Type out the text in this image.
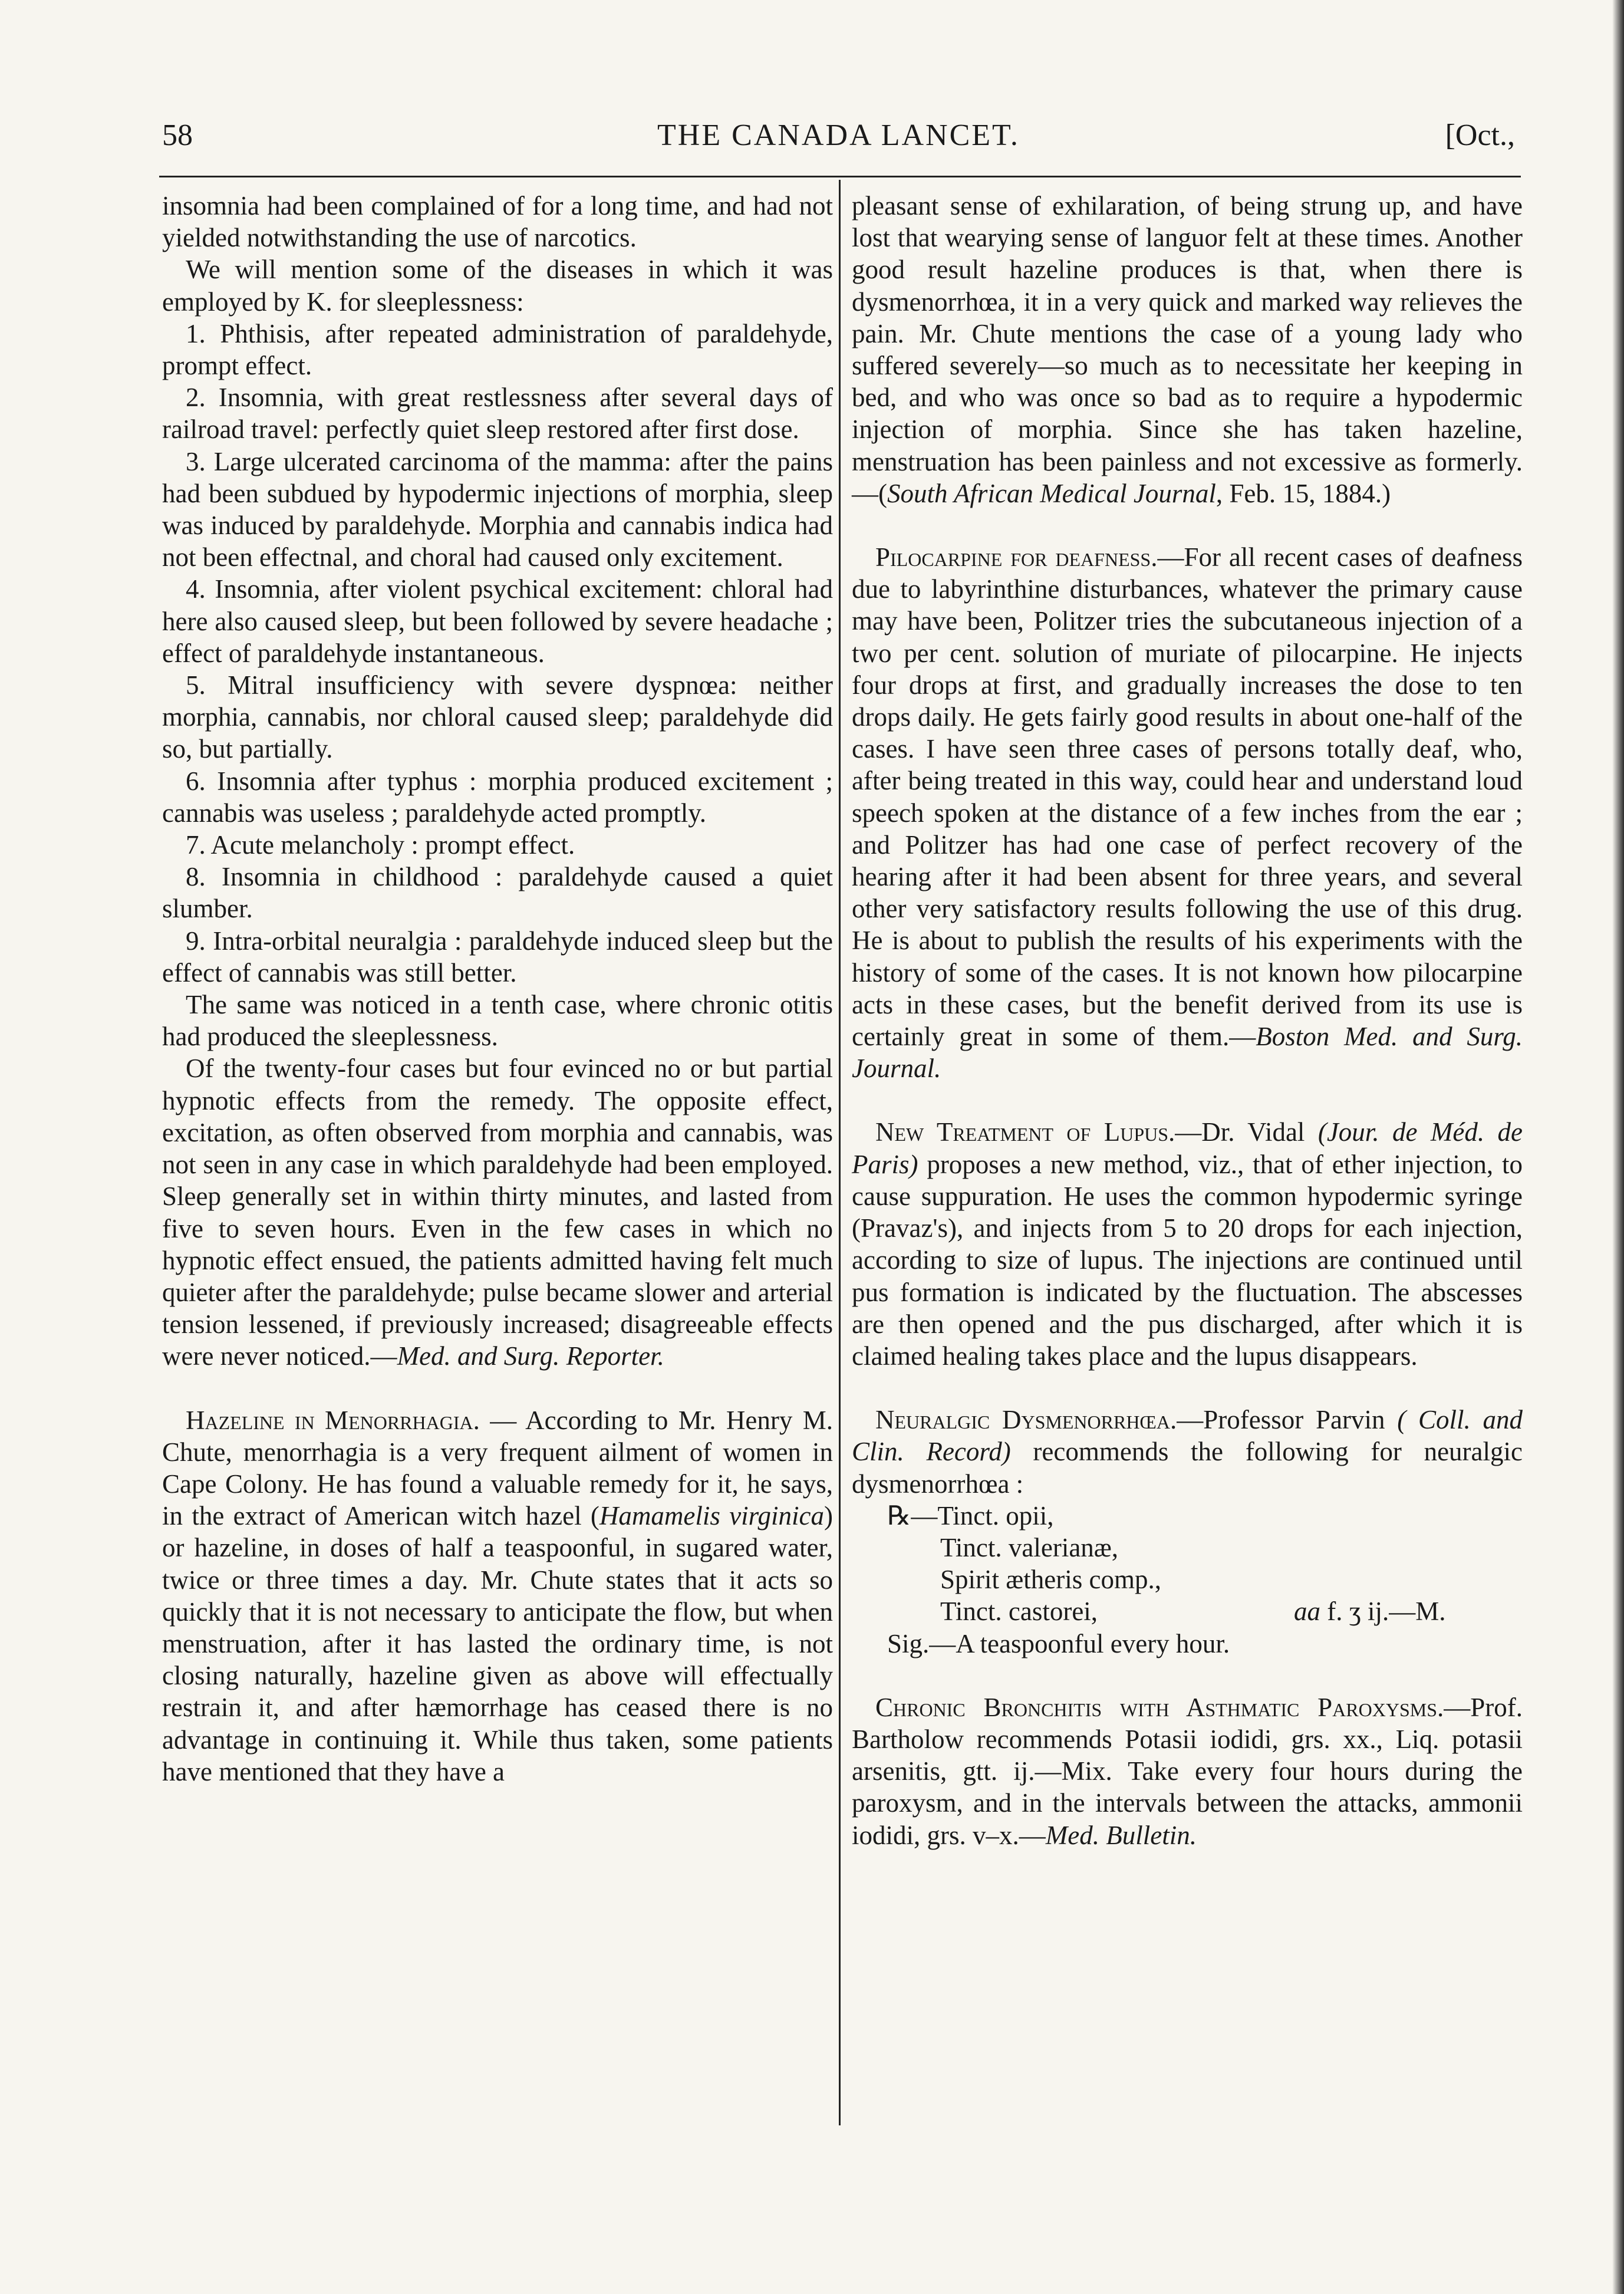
58	THE CANADA LANCET.	[Oct.,

insomnia had been complained of for a long time, and had not yielded notwithstanding the use of narcotics.

We will mention some of the diseases in which it was employed by K. for sleeplessness:

1. Phthisis, after repeated administration of paraldehyde, prompt effect.

2. Insomnia, with great restlessness after several days of railroad travel: perfectly quiet sleep restored after first dose.

3. Large ulcerated carcinoma of the mamma: after the pains had been subdued by hypodermic injections of morphia, sleep was induced by paraldehyde. Morphia and cannabis indica had not been effectnal, and choral had caused only excitement.

4. Insomnia, after violent psychical excitement: chloral had here also caused sleep, but been followed by severe headache ; effect of paraldehyde instantaneous.

5. Mitral insufficiency with severe dyspnœa: neither morphia, cannabis, nor chloral caused sleep; paraldehyde did so, but partially.

6. Insomnia after typhus : morphia produced excitement ; cannabis was useless ; paraldehyde acted promptly.

7. Acute melancholy : prompt effect.

8. Insomnia in childhood : paraldehyde caused a quiet slumber.

9. Intra-orbital neuralgia : paraldehyde induced sleep but the effect of cannabis was still better.

The same was noticed in a tenth case, where chronic otitis had produced the sleeplessness.

Of the twenty-four cases but four evinced no or but partial hypnotic effects from the remedy. The opposite effect, excitation, as often observed from morphia and cannabis, was not seen in any case in which paraldehyde had been employed. Sleep generally set in within thirty minutes, and lasted from five to seven hours. Even in the few cases in which no hypnotic effect ensued, the patients admitted having felt much quieter after the paraldehyde; pulse became slower and arterial tension lessened, if previously increased; disagreeable effects were never noticed.—Med. and Surg. Reporter.

Hazeline in Menorrhagia. — According to Mr. Henry M. Chute, menorrhagia is a very frequent ailment of women in Cape Colony. He has found a valuable remedy for it, he says, in the extract of American witch hazel (Hamamelis virginica) or hazeline, in doses of half a teaspoonful, in sugared water, twice or three times a day. Mr. Chute states that it acts so quickly that it is not necessary to anticipate the flow, but when menstruation, after it has lasted the ordinary time, is not closing naturally, hazeline given as above will effectually restrain it, and after hæmorrhage has ceased there is no advantage in continuing it. While thus taken, some patients have mentioned that they have a

pleasant sense of exhilaration, of being strung up, and have lost that wearying sense of languor felt at these times. Another good result hazeline produces is that, when there is dysmenorrhœa, it in a very quick and marked way relieves the pain. Mr. Chute mentions the case of a young lady who suffered severely—so much as to necessitate her keeping in bed, and who was once so bad as to require a hypodermic injection of morphia. Since she has taken hazeline, menstruation has been painless and not excessive as formerly.—(South African Medical Journal, Feb. 15, 1884.)

Pilocarpine for deafness.—For all recent cases of deafness due to labyrinthine disturbances, whatever the primary cause may have been, Politzer tries the subcutaneous injection of a two per cent. solution of muriate of pilocarpine. He injects four drops at first, and gradually increases the dose to ten drops daily. He gets fairly good results in about one-half of the cases. I have seen three cases of persons totally deaf, who, after being treated in this way, could hear and understand loud speech spoken at the distance of a few inches from the ear ; and Politzer has had one case of perfect recovery of the hearing after it had been absent for three years, and several other very satisfactory results following the use of this drug. He is about to publish the results of his experiments with the history of some of the cases. It is not known how pilocarpine acts in these cases, but the benefit derived from its use is certainly great in some of them.—Boston Med. and Surg. Journal.

New Treatment of Lupus.—Dr. Vidal (Jour. de Méd. de Paris) proposes a new method, viz., that of ether injection, to cause suppuration. He uses the common hypodermic syringe (Pravaz's), and injects from 5 to 20 drops for each injection, according to size of lupus. The injections are continued until pus formation is indicated by the fluctuation. The abscesses are then opened and the pus discharged, after which it is claimed healing takes place and the lupus disappears.

Neuralgic Dysmenorrhœa.—Professor Parvin ( Coll. and Clin. Record) recommends the following for neuralgic dysmenorrhœa :

℞—Tinct. opii,
Tinct. valerianæ,
Spirit ætheris comp.,
Tinct. castorei,	aa f. ʒ ij.—M.
Sig.—A teaspoonful every hour.

Chronic Bronchitis with Asthmatic Paroxysms.—Prof. Bartholow recommends Potasii iodidi, grs. xx., Liq. potasii arsenitis, gtt. ij.—Mix. Take every four hours during the paroxysm, and in the intervals between the attacks, ammonii iodidi, grs. v–x.—Med. Bulletin.
